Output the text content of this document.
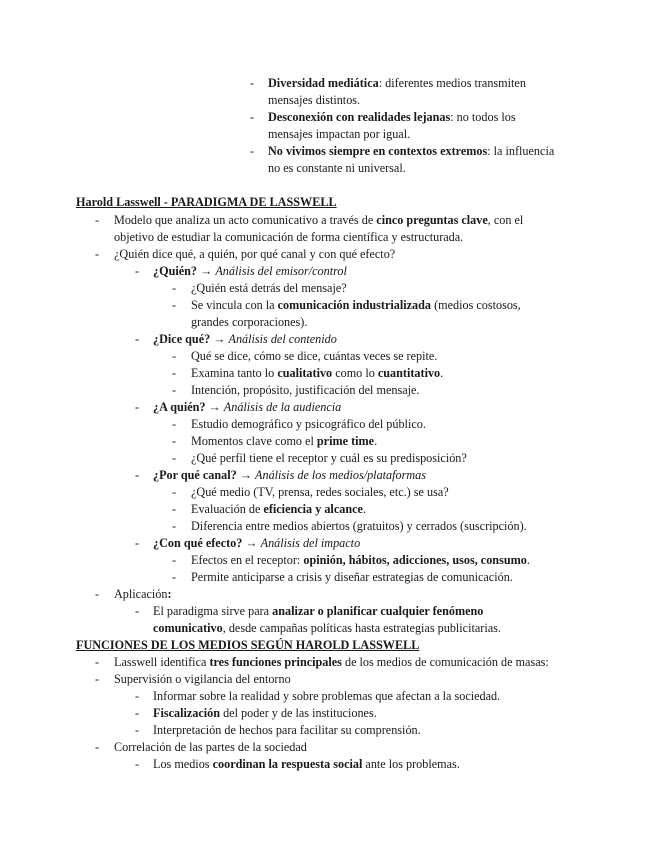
- Diversidad mediática: diferentes medios transmiten
mensajes distintos.
- Desconexión con realidades lejanas: no todos los
mensajes impactan por igual.
- No vivimos siempre en contextos extremos: la influencia
no es constante ni universal.
Harold Lasswell - PARADIGMA DE LASSWELL
- Modelo que analiza un acto comunicativo a través de cinco preguntas clave, con el
objetivo de estudiar la comunicación de forma científica y estructurada.
- ¿Quién dice qué, a quién, por qué canal y con qué efecto?
- ¿Quién? → Análisis del emisor/control
- ¿Quién está detrás del mensaje?
- Se vincula con la comunicación industrializada (medios costosos,
grandes corporaciones).
- ¿Dice qué? → Análisis del contenido
- Qué se dice, cómo se dice, cuántas veces se repite.
- Examina tanto lo cualitativo como lo cuantitativo.
- Intención, propósito, justificación del mensaje.
- ¿A quién? → Análisis de la audiencia
- Estudio demográfico y psicográfico del público.
- Momentos clave como el prime time.
- ¿Qué perfil tiene el receptor y cuál es su predisposición?
- ¿Por qué canal? → Análisis de los medios/plataformas
- ¿Qué medio (TV, prensa, redes sociales, etc.) se usa?
- Evaluación de eficiencia y alcance.
- Diferencia entre medios abiertos (gratuitos) y cerrados (suscripción).
- ¿Con qué efecto? → Análisis del impacto
- Efectos en el receptor: opinión, hábitos, adicciones, usos, consumo.
- Permite anticiparse a crisis y diseñar estrategias de comunicación.
- Aplicación:
- El paradigma sirve para analizar o planificar cualquier fenómeno
comunicativo, desde campañas políticas hasta estrategias publicitarias.
FUNCIONES DE LOS MEDIOS SEGÚN HAROLD LASSWELL
- Lasswell identifica tres funciones principales de los medios de comunicación de masas:
- Supervisión o vigilancia del entorno
- Informar sobre la realidad y sobre problemas que afectan a la sociedad.
- Fiscalización del poder y de las instituciones.
- Interpretación de hechos para facilitar su comprensión.
- Correlación de las partes de la sociedad
- Los medios coordinan la respuesta social ante los problemas.
